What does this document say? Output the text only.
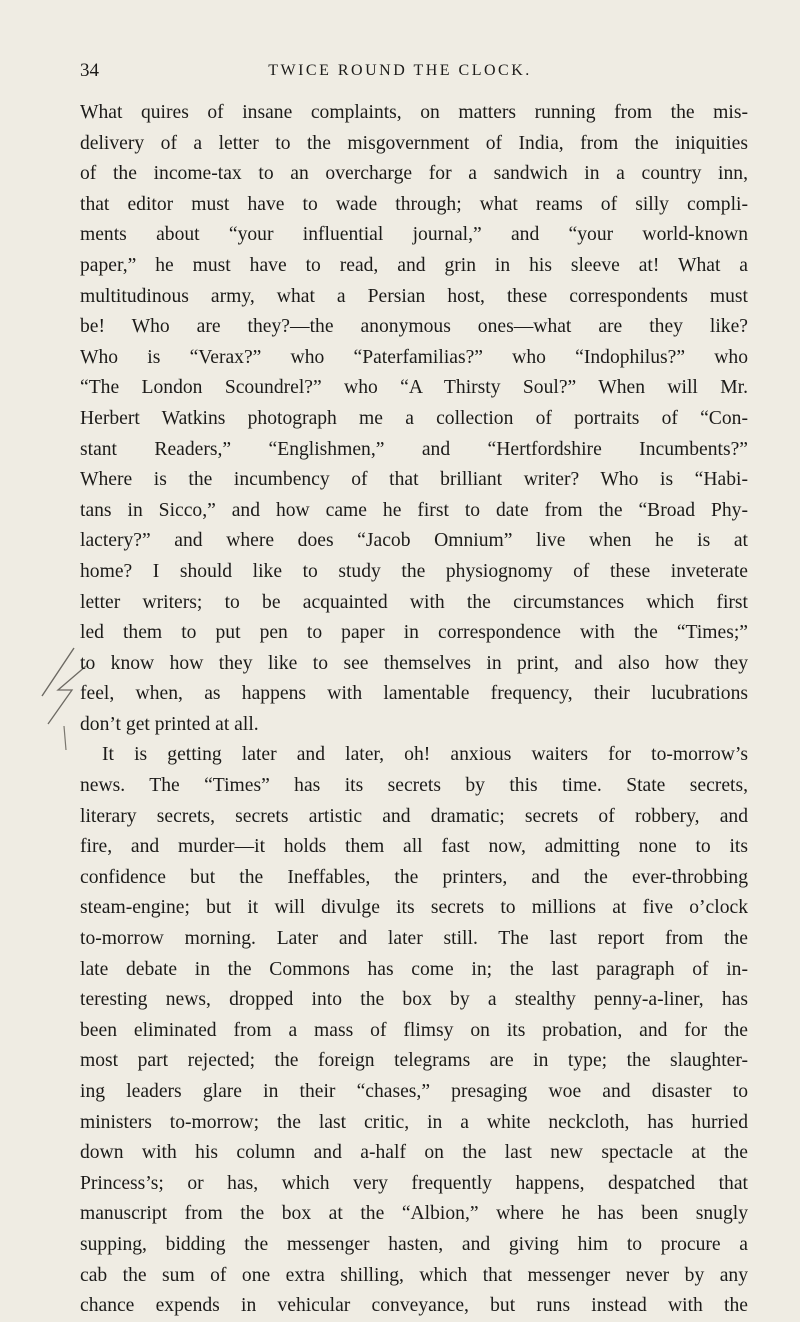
34	TWICE ROUND THE CLOCK.
What quires of insane complaints, on matters running from the mis-
delivery of a letter to the misgovernment of India, from the iniquities
of the income-tax to an overcharge for a sandwich in a country inn,
that editor must have to wade through; what reams of silly compli-
ments about “your influential journal,” and “your world-known
paper,” he must have to read, and grin in his sleeve at! What a
multitudinous army, what a Persian host, these correspondents must
be! Who are they?—the anonymous ones—what are they like?
Who is “Verax?” who “Paterfamilias?” who “Indophilus?” who
“The London Scoundrel?” who “A Thirsty Soul?” When will Mr.
Herbert Watkins photograph me a collection of portraits of “Con-
stant Readers,” “Englishmen,” and “Hertfordshire Incumbents?”
Where is the incumbency of that brilliant writer? Who is “Habi-
tans in Sicco,” and how came he first to date from the “Broad Phy-
lactery?” and where does “Jacob Omnium” live when he is at
home? I should like to study the physiognomy of these inveterate
letter writers; to be acquainted with the circumstances which first
led them to put pen to paper in correspondence with the “Times;”
to know how they like to see themselves in print, and also how they
feel, when, as happens with lamentable frequency, their lucubrations
don’t get printed at all.
It is getting later and later, oh! anxious waiters for to-morrow’s
news. The “Times” has its secrets by this time. State secrets,
literary secrets, secrets artistic and dramatic; secrets of robbery, and
fire, and murder—it holds them all fast now, admitting none to its
confidence but the Ineffables, the printers, and the ever-throbbing
steam-engine; but it will divulge its secrets to millions at five o’clock
to-morrow morning. Later and later still. The last report from the
late debate in the Commons has come in; the last paragraph of in-
teresting news, dropped into the box by a stealthy penny-a-liner, has
been eliminated from a mass of flimsy on its probation, and for the
most part rejected; the foreign telegrams are in type; the slaughter-
ing leaders glare in their “chases,” presaging woe and disaster to
ministers to-morrow; the last critic, in a white neckcloth, has hurried
down with his column and a-half on the last new spectacle at the
Princess’s; or has, which very frequently happens, despatched that
manuscript from the box at the “Albion,” where he has been snugly
supping, bidding the messenger hasten, and giving him to procure a
cab the sum of one extra shilling, which that messenger never by any
chance expends in vehicular conveyance, but runs instead with the
